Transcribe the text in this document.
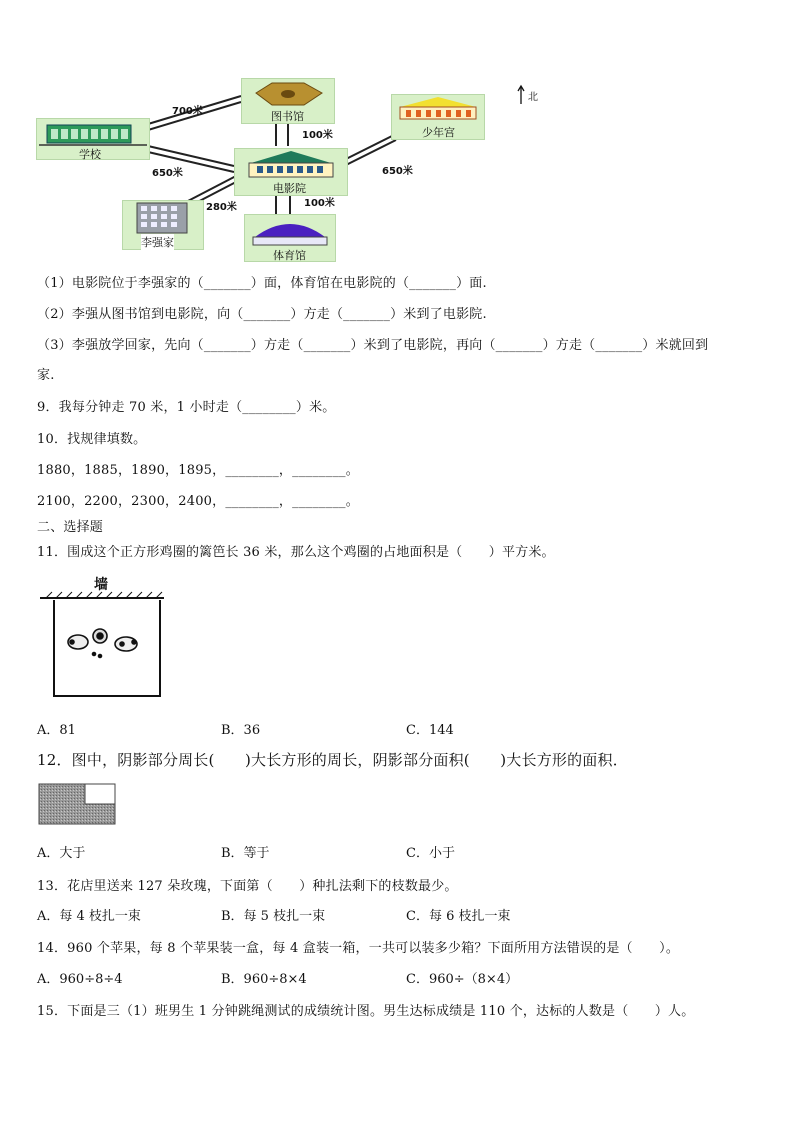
学校
图书馆
电影院
少年宫
李强家
体育馆
700米
100米
650米	650米
280米	100米
北
（1）电影院位于李强家的（_______）面，体育馆在电影院的（_______）面.
（2）李强从图书馆到电影院，向（_______）方走（_______）米到了电影院.
（3）李强放学回家，先向（_______）方走（_______）米到了电影院，再向（_______）方走（_______）米就回到
家.
9．我每分钟走 70 米，1 小时走（________）米。
10．找规律填数。
1880，1885，1890，1895，________，________。
2100，2200，2300，2400，________，________。
二、选择题
11．围成这个正方形鸡圈的篱笆长 36 米，那么这个鸡圈的占地面积是（　　）平方米。
墙
A．81	B．36	C．144
12．图中，阴影部分周长(　　)大长方形的周长，阴影部分面积(　　)大长方形的面积．
A．大于	B．等于	C．小于
13．花店里送来 127 朵玫瑰，下面第（　　）种扎法剩下的枝数最少。
A．每 4 枝扎一束	B．每 5 枝扎一束	C．每 6 枝扎一束
14．960 个苹果，每 8 个苹果装一盒，每 4 盒装一箱，一共可以装多少箱？下面所用方法错误的是（　　）。
A．960÷8÷4	B．960÷8×4	C．960÷（8×4）
15．下面是三（1）班男生 1 分钟跳绳测试的成绩统计图。男生达标成绩是 110 个，达标的人数是（　　）人。
